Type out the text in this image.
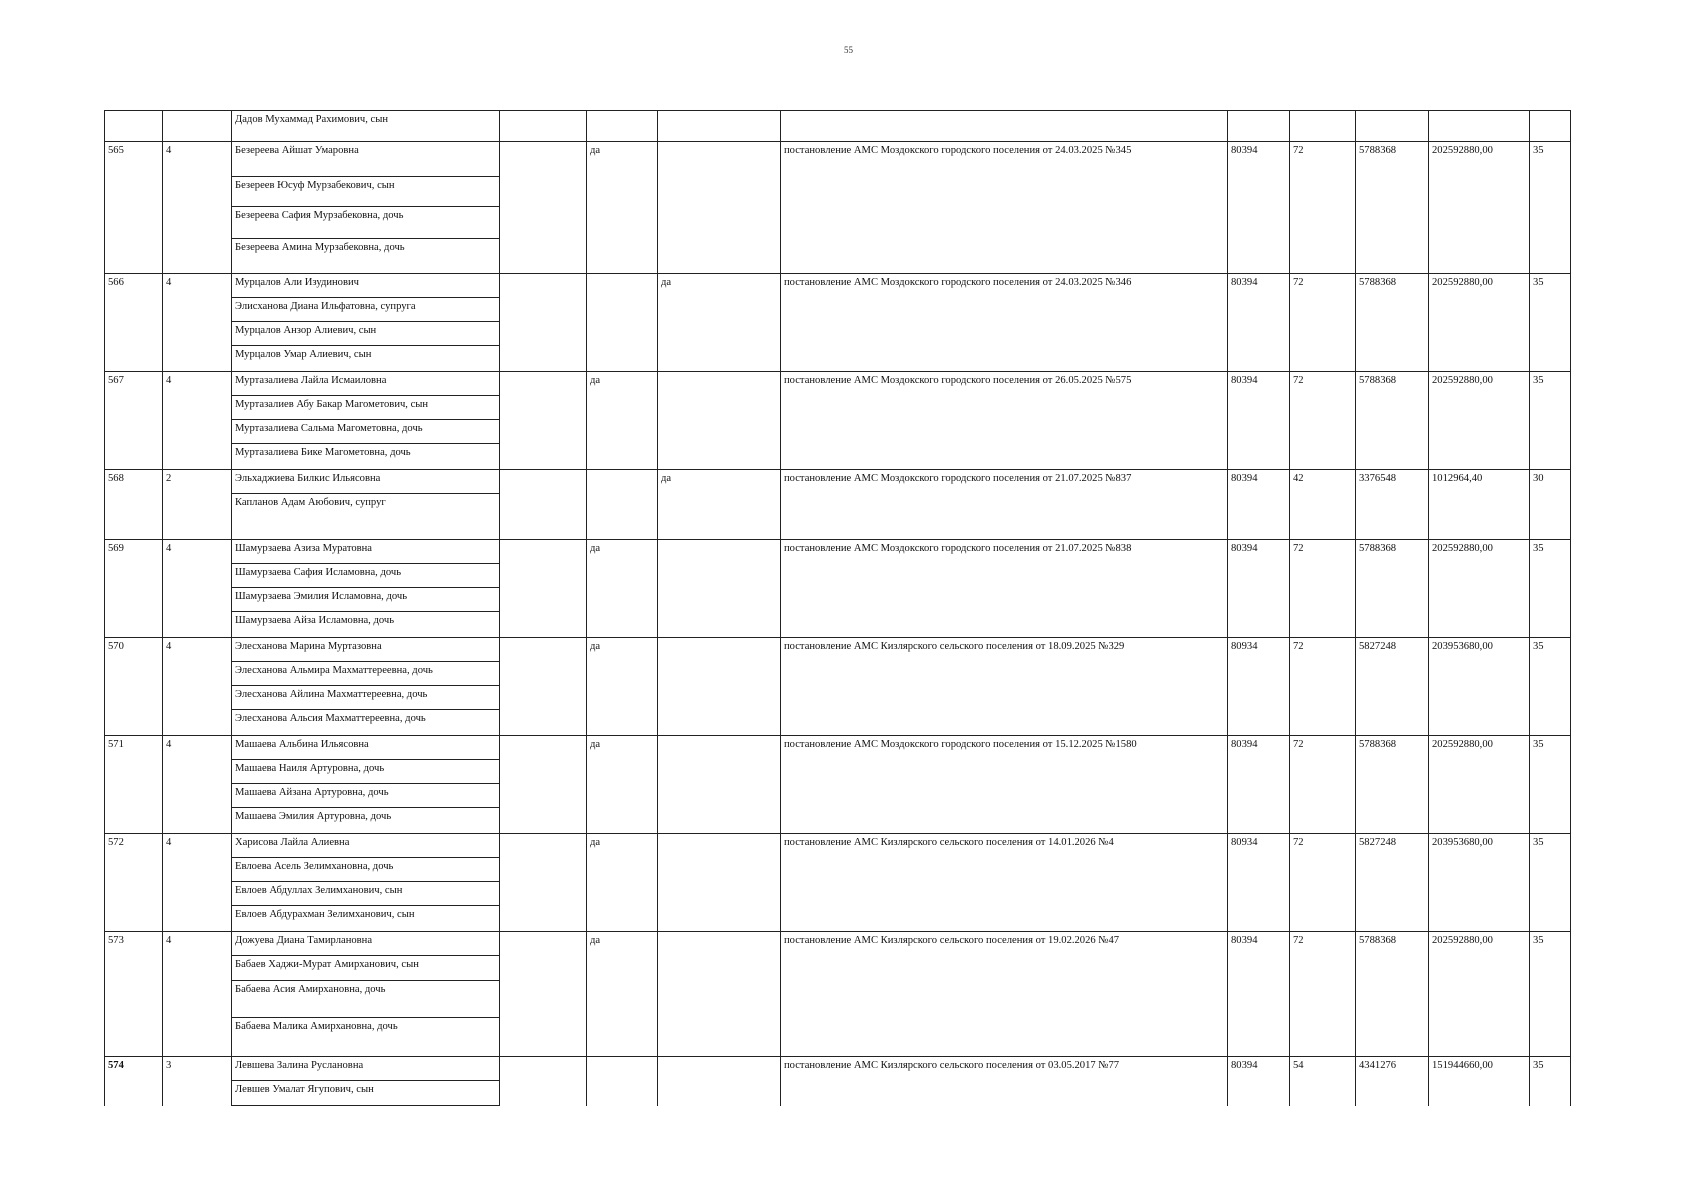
55

		Дадов Мухаммад Рахимович, сын									

565	4	Безереева Айшат Умаровна
Безереев Юсуф Мурзабекович, сын
Безереева Сафия Мурзабековна, дочь
Безереева Амина Мурзабековна, дочь		да		постановление АМС Моздокского городского поселения от 24.03.2025 №345	80394	72	5788368	202592880,00	35
566	4	Мурцалов Али Изудинович
Элисханова Диана Ильфатовна, супруга
Мурцалов Анзор Алиевич, сын
Мурцалов Умар Алиевич, сын			да	постановление АМС Моздокского городского поселения от 24.03.2025 №346	80394	72	5788368	202592880,00	35
567	4	Муртазалиева Лайла Исмаиловна
Муртазалиев Абу Бакар Магометович, сын
Муртазалиева Сальма Магометовна, дочь
Муртазалиева Бике Магометовна, дочь		да		постановление АМС Моздокского городского поселения от 26.05.2025 №575	80394	72	5788368	202592880,00	35
568	2	Эльхаджиева Билкис Ильясовна
Капланов Адам Аюбович, супруг			да	постановление АМС Моздокского городского поселения от 21.07.2025 №837	80394	42	3376548	1012964,40	30
569	4	Шамурзаева Азиза Муратовна
Шамурзаева Сафия Исламовна, дочь
Шамурзаева Эмилия Исламовна, дочь
Шамурзаева Айза Исламовна, дочь		да		постановление АМС Моздокского городского поселения от 21.07.2025 №838	80394	72	5788368	202592880,00	35
570	4	Элесханова Марина Муртазовна
Элесханова Альмира Махматтереевна, дочь
Элесханова Айлина Махматтереевна, дочь
Элесханова Альсия Махматтереевна, дочь		да		постановление АМС Кизлярского сельского поселения от 18.09.2025 №329	80934	72	5827248	203953680,00	35
571	4	Машаева Альбина Ильясовна
Машаева Наиля Артуровна, дочь
Машаева Айзана Артуровна, дочь
Машаева Эмилия Артуровна, дочь		да		постановление АМС Моздокского городского поселения от 15.12.2025 №1580	80394	72	5788368	202592880,00	35
572	4	Харисова Лайла Алиевна
Евлоева Асель Зелимхановна, дочь
Евлоев Абдуллах Зелимханович, сын
Евлоев Абдурахман Зелимханович, сын		да		постановление АМС Кизлярского сельского поселения от 14.01.2026 №4	80934	72	5827248	203953680,00	35
573	4	Дожуева Диана Тамирлановна
Бабаев Хаджи-Мурат Амирханович, сын
Бабаева Асия Амирхановна, дочь
Бабаева Малика Амирхановна, дочь		да		постановление АМС Кизлярского сельского поселения от 19.02.2026 №47	80394	72	5788368	202592880,00	35
574	3	Левшева Залина Руслановна
Левшев Умалат Ягупович, сын				постановление АМС Кизлярского сельского поселения от 03.05.2017 №77	80394	54	4341276	151944660,00	35
